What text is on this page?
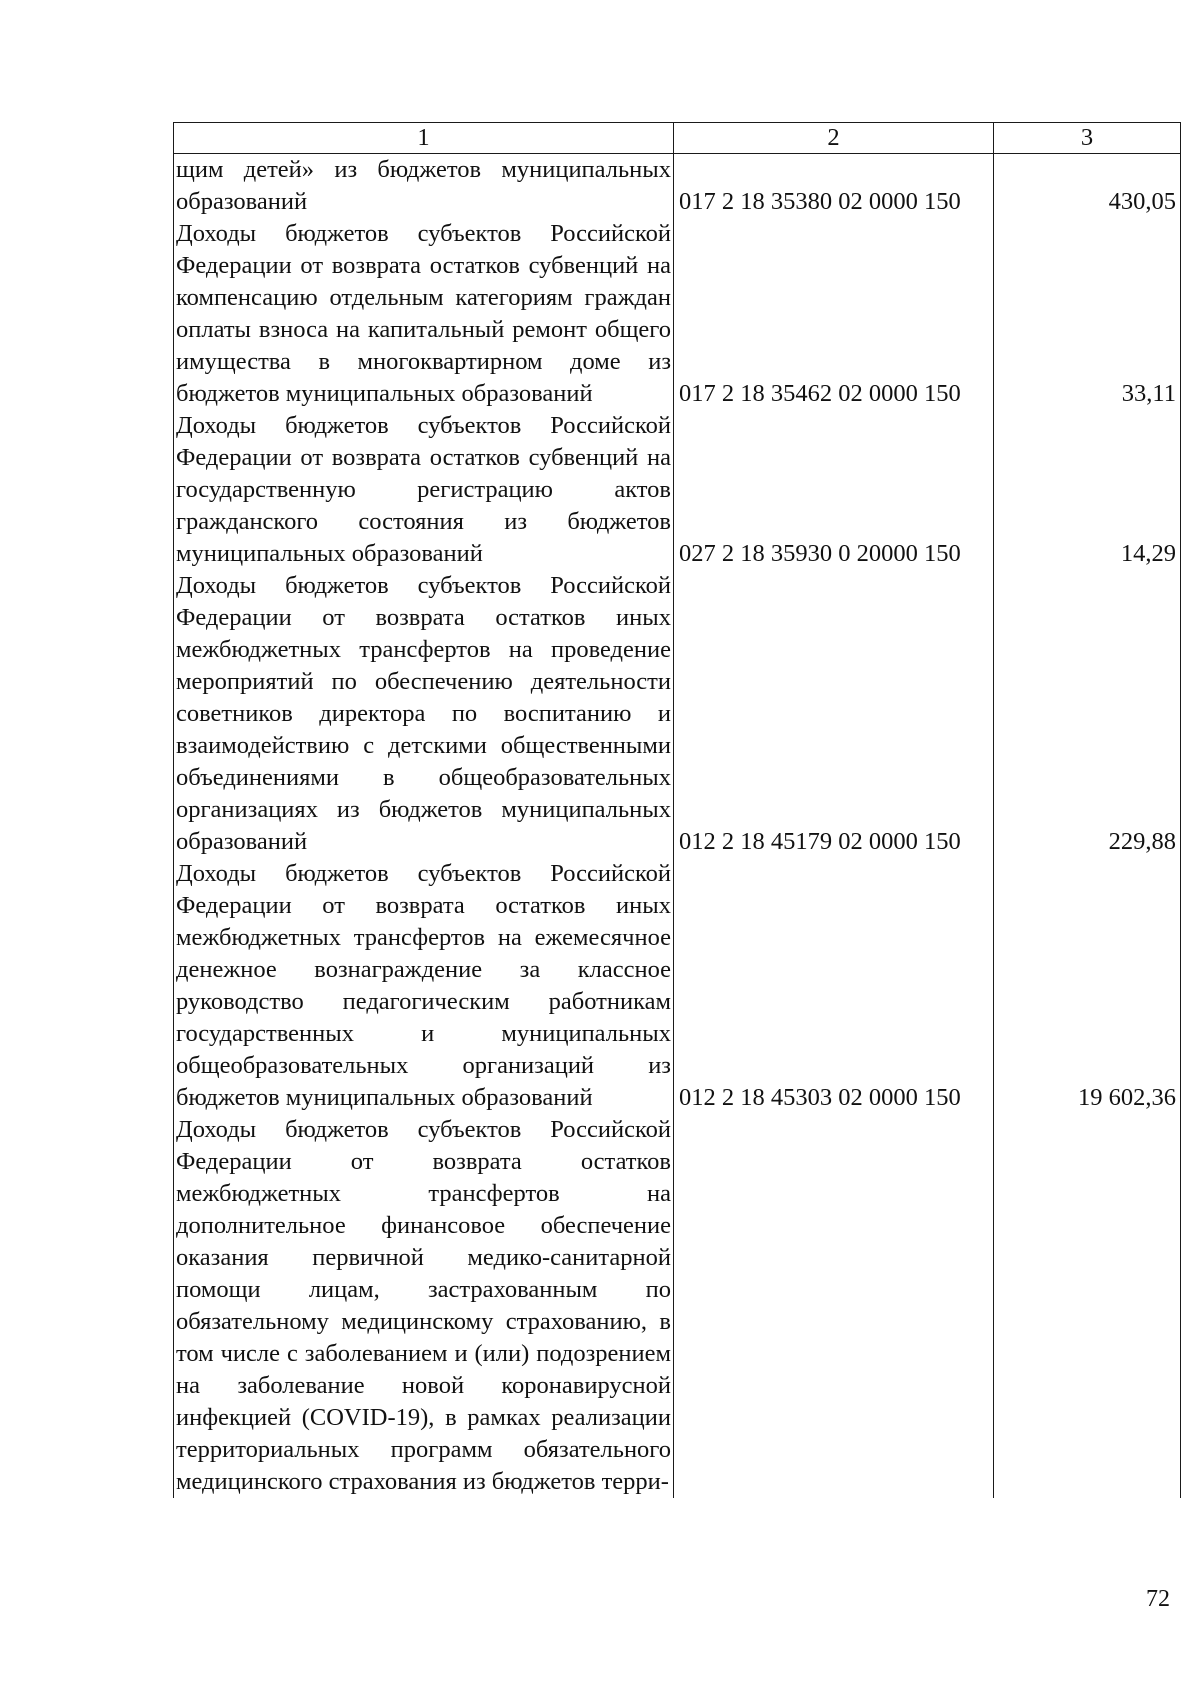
1	2	3
щим детей» из бюджетов муниципальных образований	017 2 18 35380 02 0000 150	430,05
Доходы бюджетов субъектов Российской Федерации от возврата остатков субвенций на компенсацию отдельным категориям граждан оплаты взноса на капитальный ремонт общего имущества в многоквартирном доме из бюджетов муниципальных образований	017 2 18 35462 02 0000 150	33,11
Доходы бюджетов субъектов Российской Федерации от возврата остатков субвенций на государственную регистрацию актов гражданского состояния из бюджетов муниципальных образований	027 2 18 35930 0 20000 150	14,29
Доходы бюджетов субъектов Российской Федерации от возврата остатков иных межбюджетных трансфертов на проведение мероприятий по обеспечению деятельности советников директора по воспитанию и взаимодействию с детскими общественными объединениями в общеобразовательных организациях из бюджетов муниципальных образований	012 2 18 45179 02 0000 150	229,88
Доходы бюджетов субъектов Российской Федерации от возврата остатков иных межбюджетных трансфертов на ежемесячное денежное вознаграждение за классное руководство педагогическим работникам государственных и муниципальных общеобразовательных организаций из бюджетов муниципальных образований	012 2 18 45303 02 0000 150	19 602,36
Доходы бюджетов субъектов Российской Федерации от возврата остатков межбюджетных трансфертов на дополнительное финансовое обеспечение оказания первичной медико-санитарной помощи лицам, застрахованным по обязательному медицинскому страхованию, в том числе с заболеванием и (или) подозрением на заболевание новой коронавирусной инфекцией (COVID-19), в рамках реализации территориальных программ обязательного медицинского страхования из бюджетов терри-		
72
